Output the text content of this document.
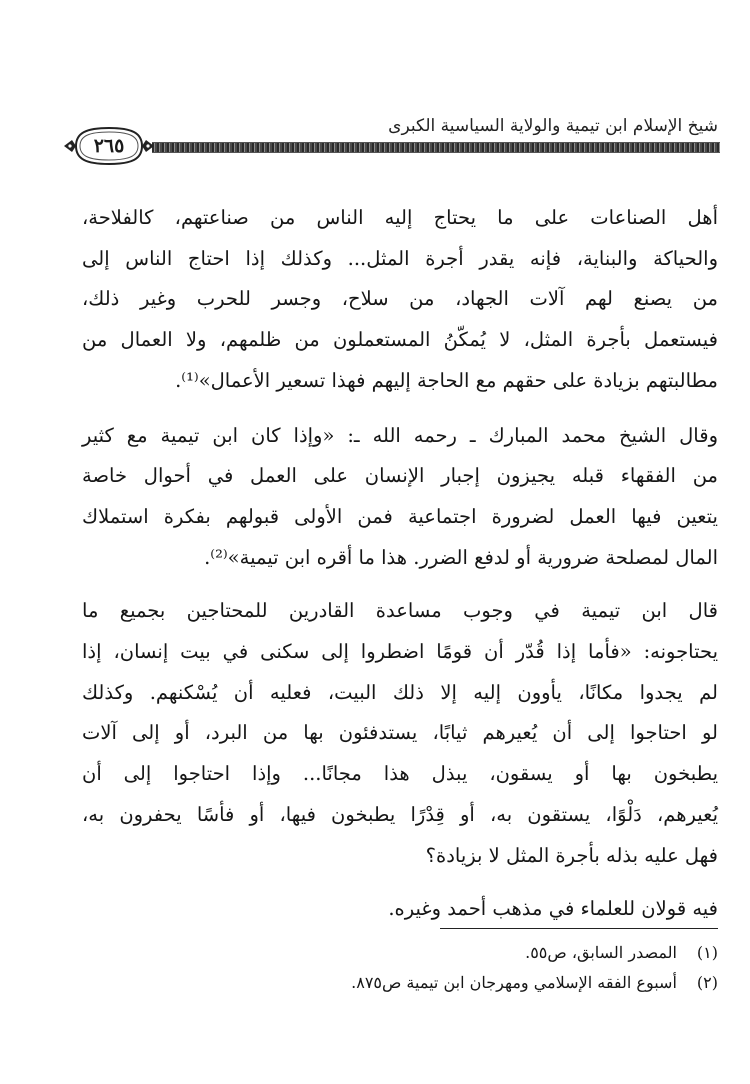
شيخ الإسلام ابن تيمية والولاية السياسية الكبرى
٢٦٥
أهل الصناعات على ما يحتاج إليه الناس من صناعتهم، كالفلاحة،
والحياكة والبناية، فإنه يقدر أجرة المثل... وكذلك إذا احتاج الناس إلى
من يصنع لهم آلات الجهاد، من سلاح، وجسر للحرب وغير ذلك،
فيستعمل بأجرة المثل، لا يُمكّنُ المستعملون من ظلمهم، ولا العمال من
مطالبتهم بزيادة على حقهم مع الحاجة إليهم فهذا تسعير الأعمال»⁽¹⁾.
وقال الشيخ محمد المبارك ـ رحمه الله ـ: «وإذا كان ابن تيمية مع كثير
من الفقهاء قبله يجيزون إجبار الإنسان على العمل في أحوال خاصة
يتعين فيها العمل لضرورة اجتماعية فمن الأولى قبولهم بفكرة استملاك
المال لمصلحة ضرورية أو لدفع الضرر. هذا ما أقره ابن تيمية»⁽²⁾.
قال ابن تيمية في وجوب مساعدة القادرين للمحتاجين بجميع ما
يحتاجونه: «فأما إذا قُدّر أن قومًا اضطروا إلى سكنى في بيت إنسان، إذا
لم يجدوا مكانًا، يأوون إليه إلا ذلك البيت، فعليه أن يُسْكنهم. وكذلك
لو احتاجوا إلى أن يُعيرهم ثيابًا، يستدفئون بها من البرد، أو إلى آلات
يطبخون بها أو يسقون، يبذل هذا مجانًا... وإذا احتاجوا إلى أن
يُعيرهم، دَلْوًا، يستقون به، أو قِدْرًا يطبخون فيها، أو فأسًا يحفرون به،
فهل عليه بذله بأجرة المثل لا بزيادة؟
فيه قولان للعلماء في مذهب أحمد وغيره.
(١) المصدر السابق، ص٥٥.
(٢) أسبوع الفقه الإسلامي ومهرجان ابن تيمية ص٨٧٥.
